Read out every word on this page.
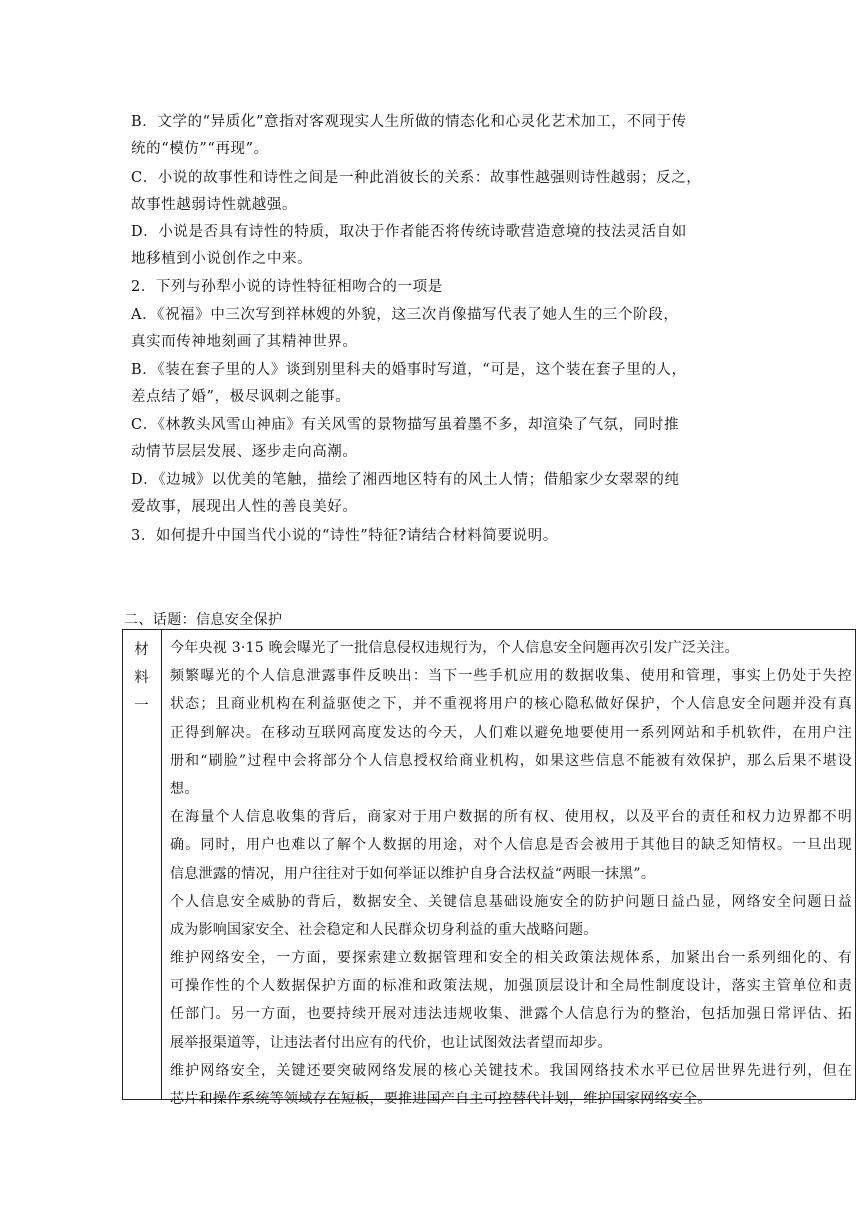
B．文学的“异质化”意指对客观现实人生所做的情态化和心灵化艺术加工，不同于传
统的“模仿”“再现”。
C．小说的故事性和诗性之间是一种此消彼长的关系：故事性越强则诗性越弱；反之，
故事性越弱诗性就越强。
D．小说是否具有诗性的特质，取决于作者能否将传统诗歌营造意境的技法灵活自如
地移植到小说创作之中来。
2．下列与孙犁小说的诗性特征相吻合的一项是
A．《祝福》中三次写到祥林嫂的外貌，这三次肖像描写代表了她人生的三个阶段，
真实而传神地刻画了其精神世界。
B．《装在套子里的人》谈到别里科夫的婚事时写道，“可是，这个装在套子里的人，
差点结了婚”，极尽讽刺之能事。
C．《林教头风雪山神庙》有关风雪的景物描写虽着墨不多，却渲染了气氛，同时推
动情节层层发展、逐步走向高潮。
D．《边城》以优美的笔触，描绘了湘西地区特有的风土人情；借船家少女翠翠的纯
爱故事，展现出人性的善良美好。
3．如何提升中国当代小说的“诗性”特征?请结合材料简要说明。
二、话题：信息安全保护
材
料
一
今年央视 3·15 晚会曝光了一批信息侵权违规行为，个人信息安全问题再次引发广泛关注。
频繁曝光的个人信息泄露事件反映出：当下一些手机应用的数据收集、使用和管理，事实上仍处于失控
状态；且商业机构在利益驱使之下，并不重视将用户的核心隐私做好保护，个人信息安全问题并没有真
正得到解决。在移动互联网高度发达的今天，人们难以避免地要使用一系列网站和手机软件，在用户注
册和“刷脸”过程中会将部分个人信息授权给商业机构，如果这些信息不能被有效保护，那么后果不堪设
想。
在海量个人信息收集的背后，商家对于用户数据的所有权、使用权，以及平台的责任和权力边界都不明
确。同时，用户也难以了解个人数据的用途，对个人信息是否会被用于其他目的缺乏知情权。一旦出现
信息泄露的情况，用户往往对于如何举证以维护自身合法权益“两眼一抹黑”。
个人信息安全威胁的背后，数据安全、关键信息基础设施安全的防护问题日益凸显，网络安全问题日益
成为影响国家安全、社会稳定和人民群众切身利益的重大战略问题。
维护网络安全，一方面，要探索建立数据管理和安全的相关政策法规体系，加紧出台一系列细化的、有
可操作性的个人数据保护方面的标准和政策法规，加强顶层设计和全局性制度设计，落实主管单位和责
任部门。另一方面，也要持续开展对违法违规收集、泄露个人信息行为的整治，包括加强日常评估、拓
展举报渠道等，让违法者付出应有的代价，也让试图效法者望而却步。
维护网络安全，关键还要突破网络发展的核心关键技术。我国网络技术水平已位居世界先进行列，但在
芯片和操作系统等领域存在短板，要推进国产自主可控替代计划，维护国家网络安全。
